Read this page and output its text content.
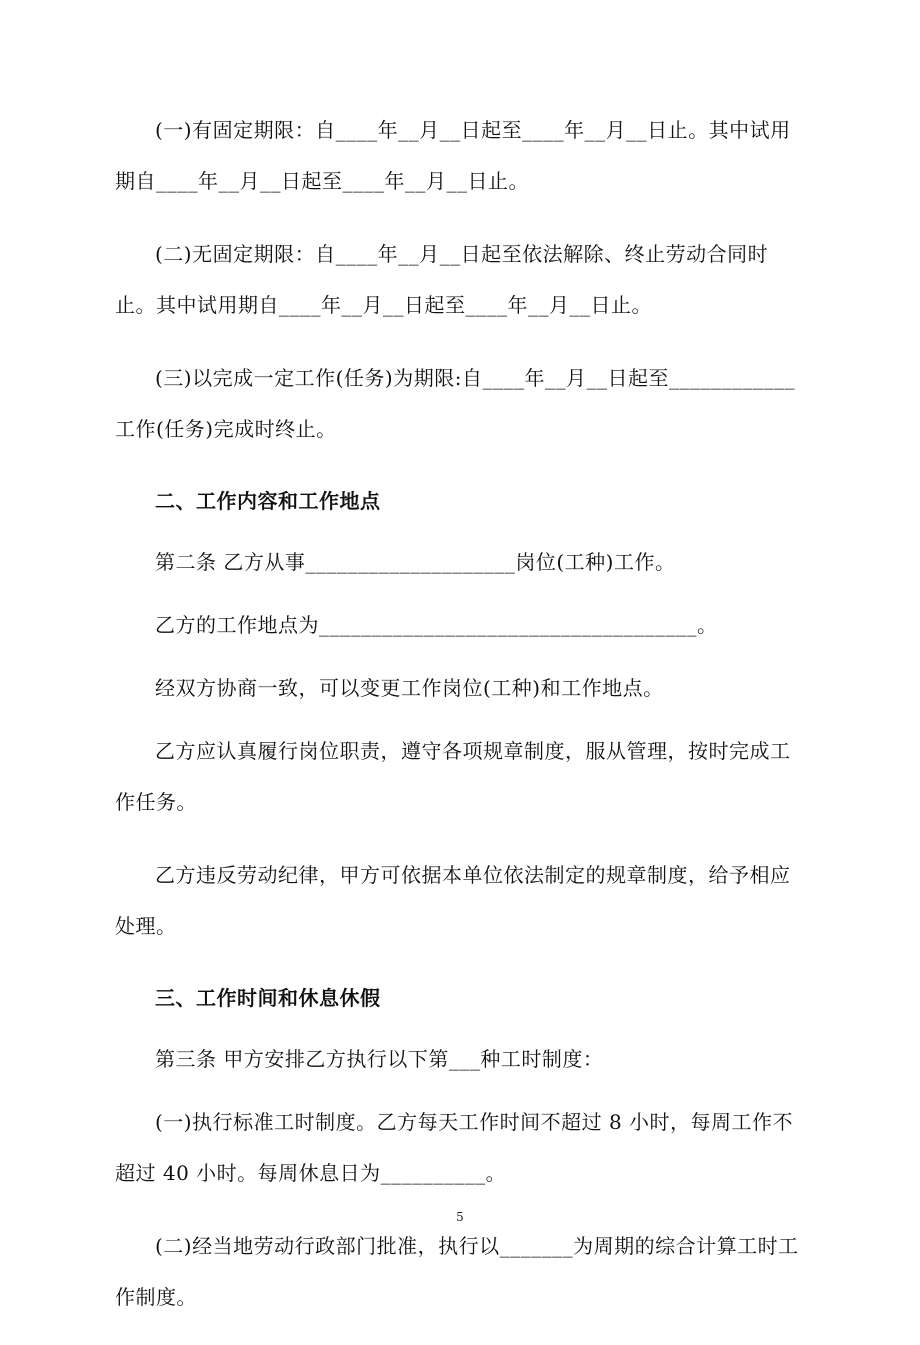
(一)有固定期限：自____年__月__日起至____年__月__日止。其中试用期自____年__月__日起至____年__月__日止。

(二)无固定期限：自____年__月__日起至依法解除、终止劳动合同时止。其中试用期自____年__月__日起至____年__月__日止。

(三)以完成一定工作(任务)为期限:自____年__月__日起至____________工作(任务)完成时终止。

二、工作内容和工作地点

第二条 乙方从事____________________岗位(工种)工作。

乙方的工作地点为____________________________________。

经双方协商一致，可以变更工作岗位(工种)和工作地点。

乙方应认真履行岗位职责，遵守各项规章制度，服从管理，按时完成工作任务。

乙方违反劳动纪律，甲方可依据本单位依法制定的规章制度，给予相应处理。

三、工作时间和休息休假

第三条 甲方安排乙方执行以下第___种工时制度：

(一)执行标准工时制度。乙方每天工作时间不超过 8 小时，每周工作不超过 40 小时。每周休息日为__________。

(二)经当地劳动行政部门批准，执行以_______为周期的综合计算工时工作制度。

5
